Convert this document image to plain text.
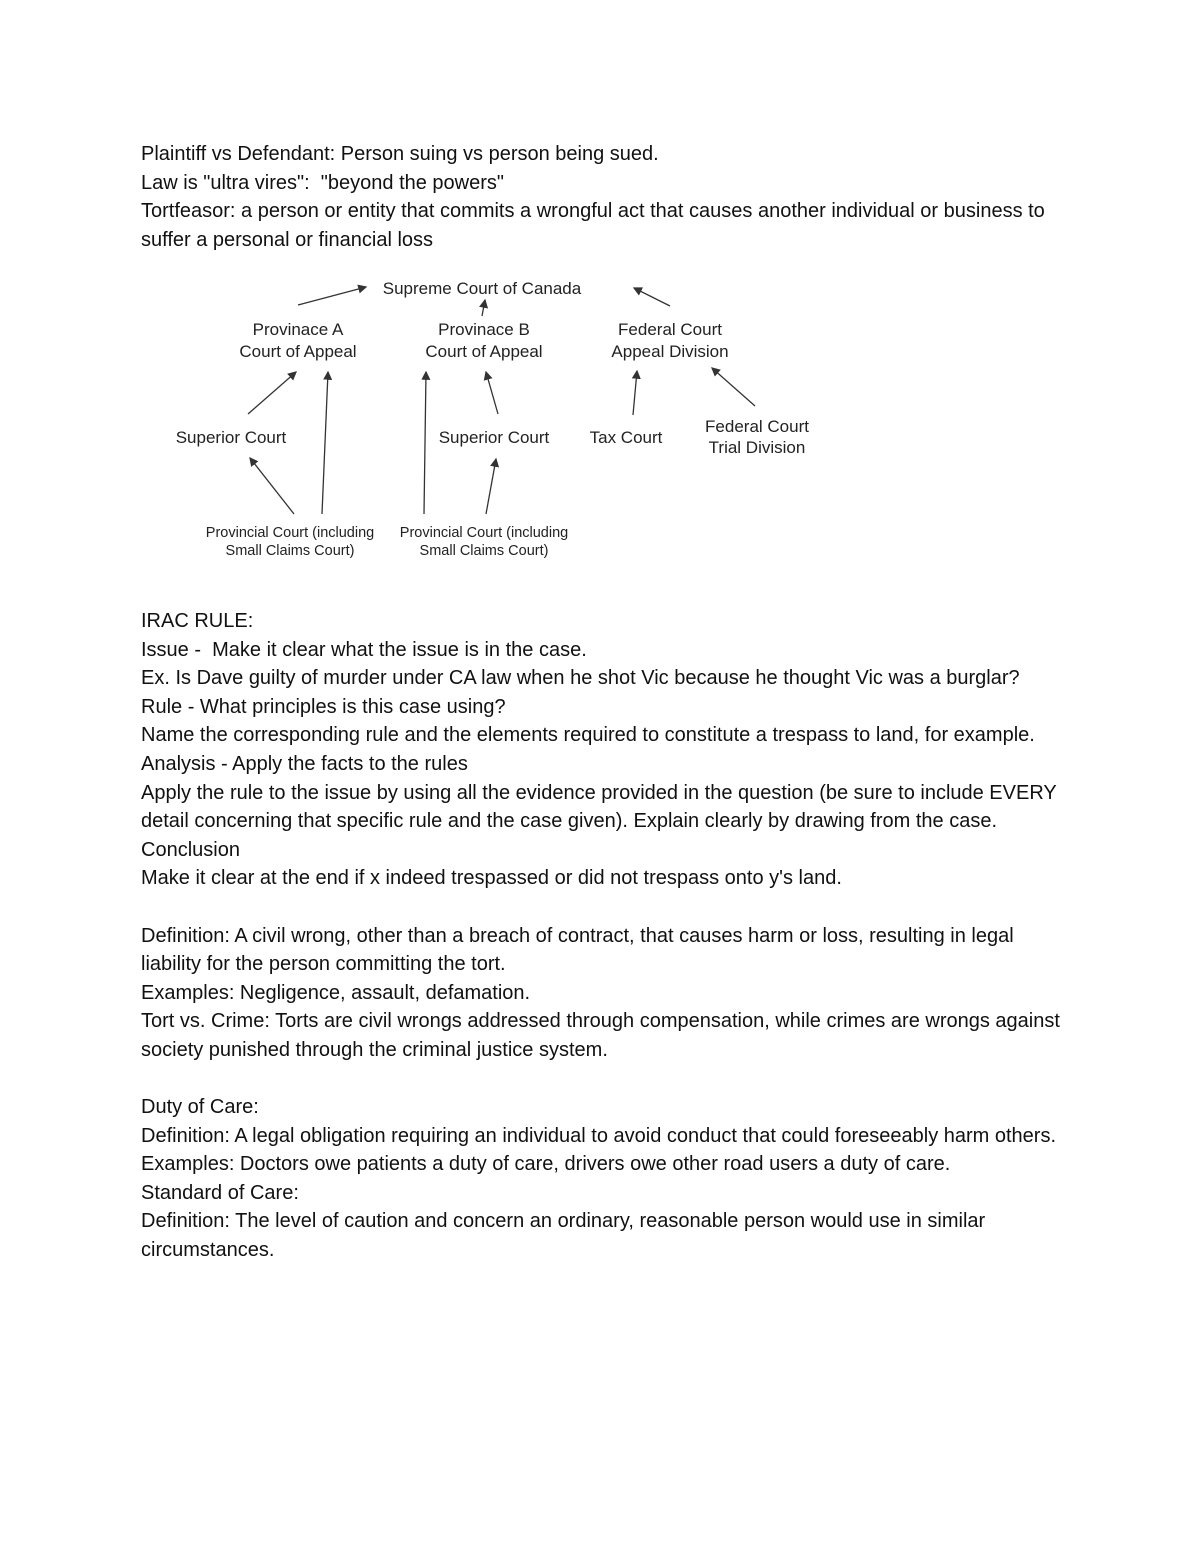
Plaintiff vs Defendant: Person suing vs person being sued.

Law is "ultra vires":  "beyond the powers"

Tortfeasor: a person or entity that commits a wrongful act that causes another individual or business to suffer a personal or financial loss

Supreme Court of Canada
Provinace A
Court of Appeal
Provinace B
Court of Appeal
Federal Court
Appeal Division
Superior Court	Superior Court Tax Court
Federal Court
Trial Division
Provincial Court (including
Small Claims Court)
Provincial Court (including
Small Claims Court)

IRAC RULE:

Issue -  Make it clear what the issue is in the case.

Ex. Is Dave guilty of murder under CA law when he shot Vic because he thought Vic was a burglar?

Rule - What principles is this case using?

Name the corresponding rule and the elements required to constitute a trespass to land, for example.

Analysis - Apply the facts to the rules

Apply the rule to the issue by using all the evidence provided in the question (be sure to include EVERY detail concerning that specific rule and the case given). Explain clearly by drawing from the case.

Conclusion

Make it clear at the end if x indeed trespassed or did not trespass onto y's land.

Definition: A civil wrong, other than a breach of contract, that causes harm or loss, resulting in legal liability for the person committing the tort.

Examples: Negligence, assault, defamation.

Tort vs. Crime: Torts are civil wrongs addressed through compensation, while crimes are wrongs against society punished through the criminal justice system.

Duty of Care:

Definition: A legal obligation requiring an individual to avoid conduct that could foreseeably harm others.

Examples: Doctors owe patients a duty of care, drivers owe other road users a duty of care.

Standard of Care:

Definition: The level of caution and concern an ordinary, reasonable person would use in similar circumstances.
